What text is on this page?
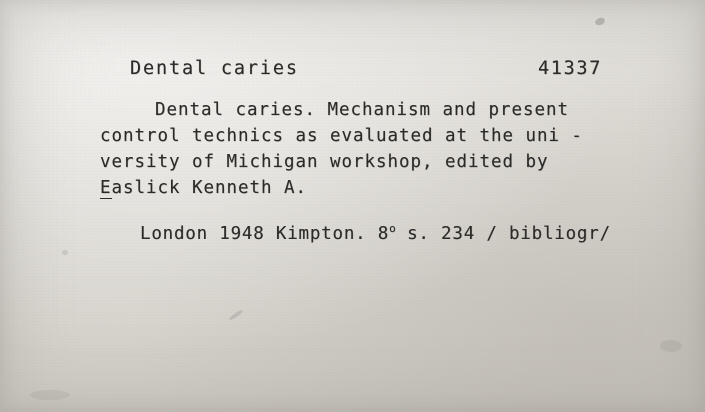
Dental caries	41337
Dental caries. Mechanism and present
control technics as evaluated at the uni -
versity of Michigan workshop, edited by
Easlick Kenneth A.
London 1948 Kimpton. 8$^o$ s. 234 / bibliogr/
